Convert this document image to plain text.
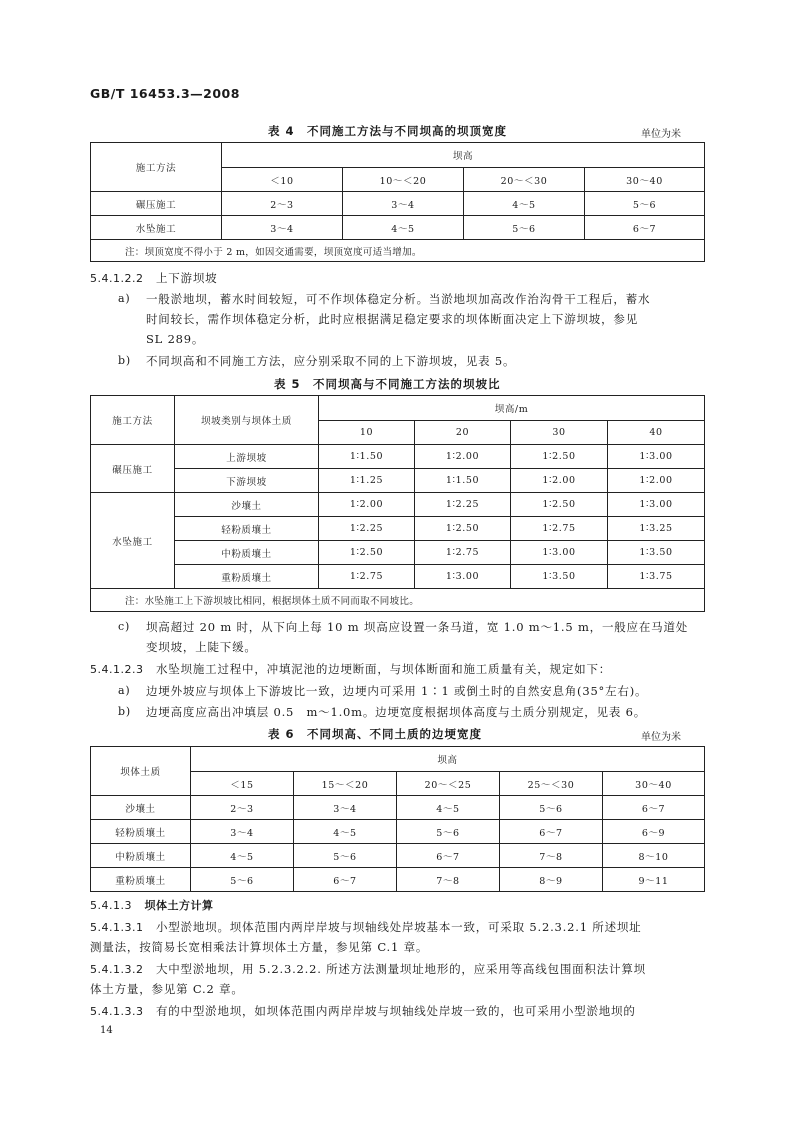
GB/T 16453.3—2008
表 4　不同施工方法与不同坝高的坝顶宽度	单位为米
施工方法	坝高			
	＜10	10～＜20	20～＜30	30～40
碾压施工	2～3	3～4	4～5	5～6
水坠施工	3～4	4～5	5～6	6～7
注：坝顶宽度不得小于 2 m，如因交通需要，坝顶宽度可适当增加。				
5.4.1.2.2 上下游坝坡
a) 一般淤地坝，蓄水时间较短，可不作坝体稳定分析。当淤地坝加高改作治沟骨干工程后，蓄水
时间较长，需作坝体稳定分析，此时应根据满足稳定要求的坝体断面决定上下游坝坡，参见
SL 289。
b) 不同坝高和不同施工方法，应分别采取不同的上下游坝坡，见表 5。
表 5　不同坝高与不同施工方法的坝坡比
施工方法	坝坡类别与坝体土质	坝高/m			
		10	20	30	40
碾压施工	上游坝坡	1∶1.50	1∶2.00	1∶2.50	1∶3.00
	下游坝坡	1∶1.25	1∶1.50	1∶2.00	1∶2.00
水坠施工	沙壤土	1∶2.00	1∶2.25	1∶2.50	1∶3.00
	轻粉质壤土	1∶2.25	1∶2.50	1∶2.75	1∶3.25
	中粉质壤土	1∶2.50	1∶2.75	1∶3.00	1∶3.50
	重粉质壤土	1∶2.75	1∶3.00	1∶3.50	1∶3.75
注：水坠施工上下游坝坡比相同，根据坝体土质不同而取不同坡比。					
c) 坝高超过 20 m 时，从下向上每 10 m 坝高应设置一条马道，宽 1.0 m～1.5 m，一般应在马道处
变坝坡，上陡下缓。
5.4.1.2.3 水坠坝施工过程中，冲填泥池的边埂断面，与坝体断面和施工质量有关，规定如下：
a) 边埂外坡应与坝体上下游坡比一致，边埂内可采用 1∶1 或倒土时的自然安息角(35°左右)。
b) 边埂高度应高出冲填层 0.5　m～1.0m。边埂宽度根据坝体高度与土质分别规定，见表 6。
表 6　不同坝高、不同土质的边埂宽度	单位为米
坝体土质	坝高				
	＜15	15～＜20	20～＜25	25～＜30	30～40
沙壤土	2～3	3～4	4～5	5～6	6～7
轻粉质壤土	3～4	4～5	5～6	6～7	6～9
中粉质壤土	4～5	5～6	6～7	7～8	8～10
重粉质壤土	5～6	6～7	7～8	8～9	9～11
5.4.1.3 坝体土方计算
5.4.1.3.1 小型淤地坝。坝体范围内两岸岸坡与坝轴线处岸坡基本一致，可采取 5.2.3.2.1 所述坝址
测量法，按简易长宽相乘法计算坝体土方量，参见第 C.1 章。
5.4.1.3.2 大中型淤地坝，用 5.2.3.2.2. 所述方法测量坝址地形的，应采用等高线包围面积法计算坝
体土方量，参见第 C.2 章。
5.4.1.3.3 有的中型淤地坝，如坝体范围内两岸岸坡与坝轴线处岸坡一致的，也可采用小型淤地坝的
14
